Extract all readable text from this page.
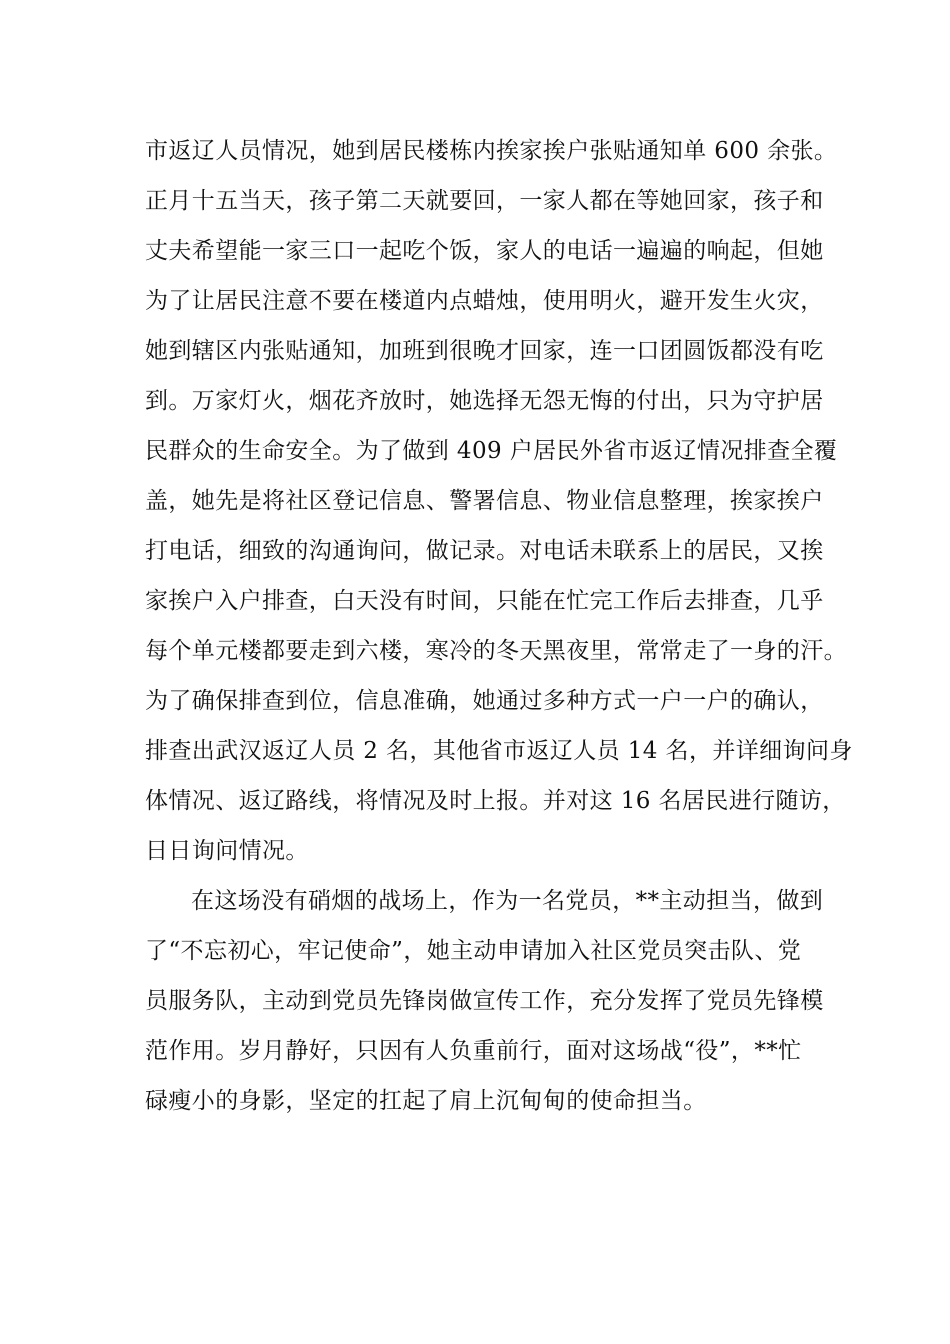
市返辽人员情况，她到居民楼栋内挨家挨户张贴通知单 600 余张。
正月十五当天，孩子第二天就要回，一家人都在等她回家，孩子和
丈夫希望能一家三口一起吃个饭，家人的电话一遍遍的响起，但她
为了让居民注意不要在楼道内点蜡烛，使用明火，避开发生火灾，
她到辖区内张贴通知，加班到很晚才回家，连一口团圆饭都没有吃
到。万家灯火，烟花齐放时，她选择无怨无悔的付出，只为守护居
民群众的生命安全。为了做到 409 户居民外省市返辽情况排查全覆
盖，她先是将社区登记信息、警署信息、物业信息整理，挨家挨户
打电话，细致的沟通询问，做记录。对电话未联系上的居民，又挨
家挨户入户排查，白天没有时间，只能在忙完工作后去排查，几乎
每个单元楼都要走到六楼，寒冷的冬天黑夜里，常常走了一身的汗。
为了确保排查到位，信息准确，她通过多种方式一户一户的确认，
排查出武汉返辽人员 2 名，其他省市返辽人员 14 名，并详细询问身
体情况、返辽路线，将情况及时上报。并对这 16 名居民进行随访，
日日询问情况。
在这场没有硝烟的战场上，作为一名党员，**主动担当，做到
了“不忘初心，牢记使命”，她主动申请加入社区党员突击队、党
员服务队，主动到党员先锋岗做宣传工作，充分发挥了党员先锋模
范作用。岁月静好，只因有人负重前行，面对这场战“役”，**忙
碌瘦小的身影，坚定的扛起了肩上沉甸甸的使命担当。
